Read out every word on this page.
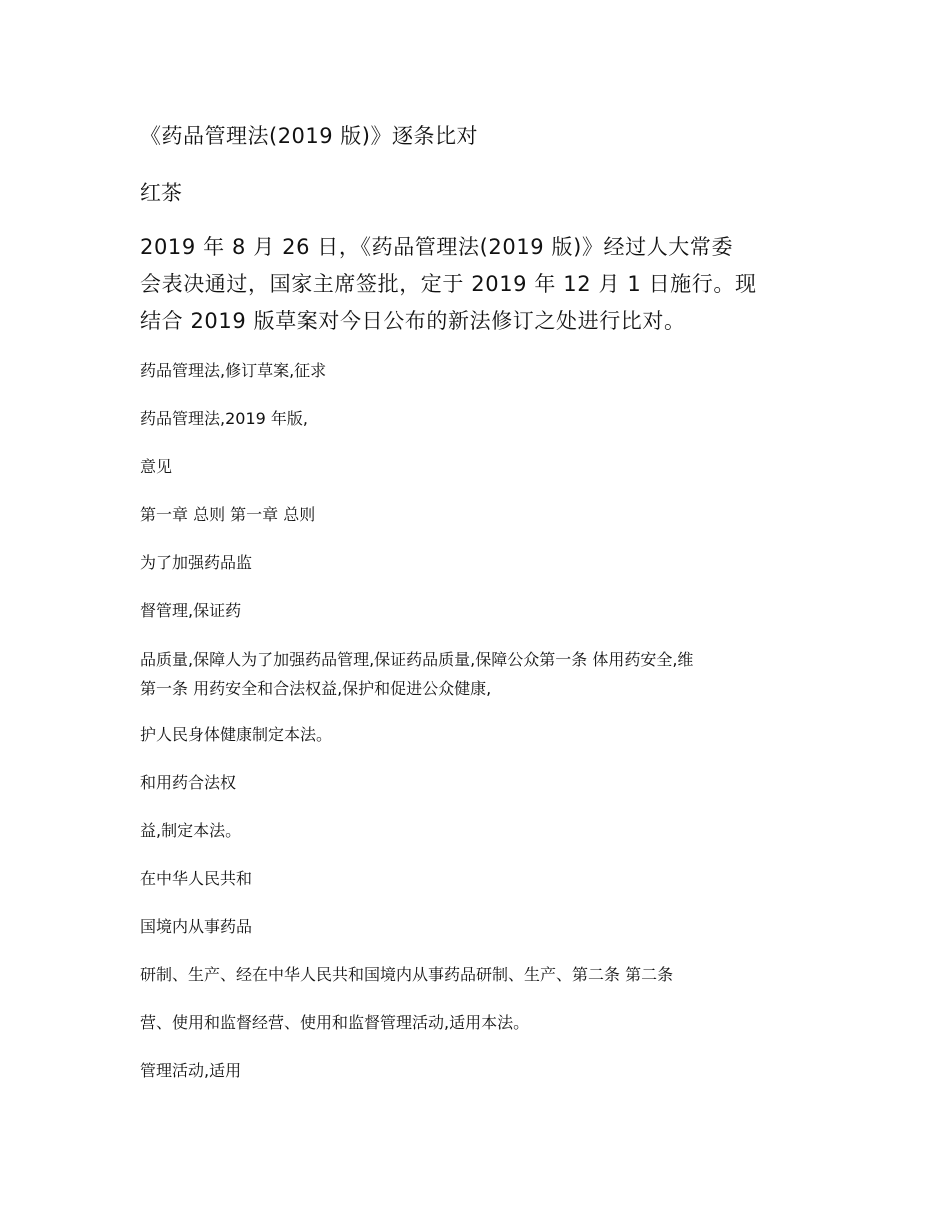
《药品管理法(2019 版)》逐条比对
红茶
2019 年 8 月 26 日，《药品管理法(2019 版)》经过人大常委
会表决通过，国家主席签批，定于 2019 年 12 月 1 日施行。现
结合 2019 版草案对今日公布的新法修订之处进行比对。
药品管理法,修订草案,征求
药品管理法,2019 年版,
意见
第一章 总则 第一章 总则
为了加强药品监
督管理,保证药
品质量,保障人为了加强药品管理,保证药品质量,保障公众第一条 体用药安全,维
第一条 用药安全和合法权益,保护和促进公众健康,
护人民身体健康制定本法。
和用药合法权
益,制定本法。
在中华人民共和
国境内从事药品
研制、生产、经在中华人民共和国境内从事药品研制、生产、第二条 第二条
营、使用和监督经营、使用和监督管理活动,适用本法。
管理活动,适用
